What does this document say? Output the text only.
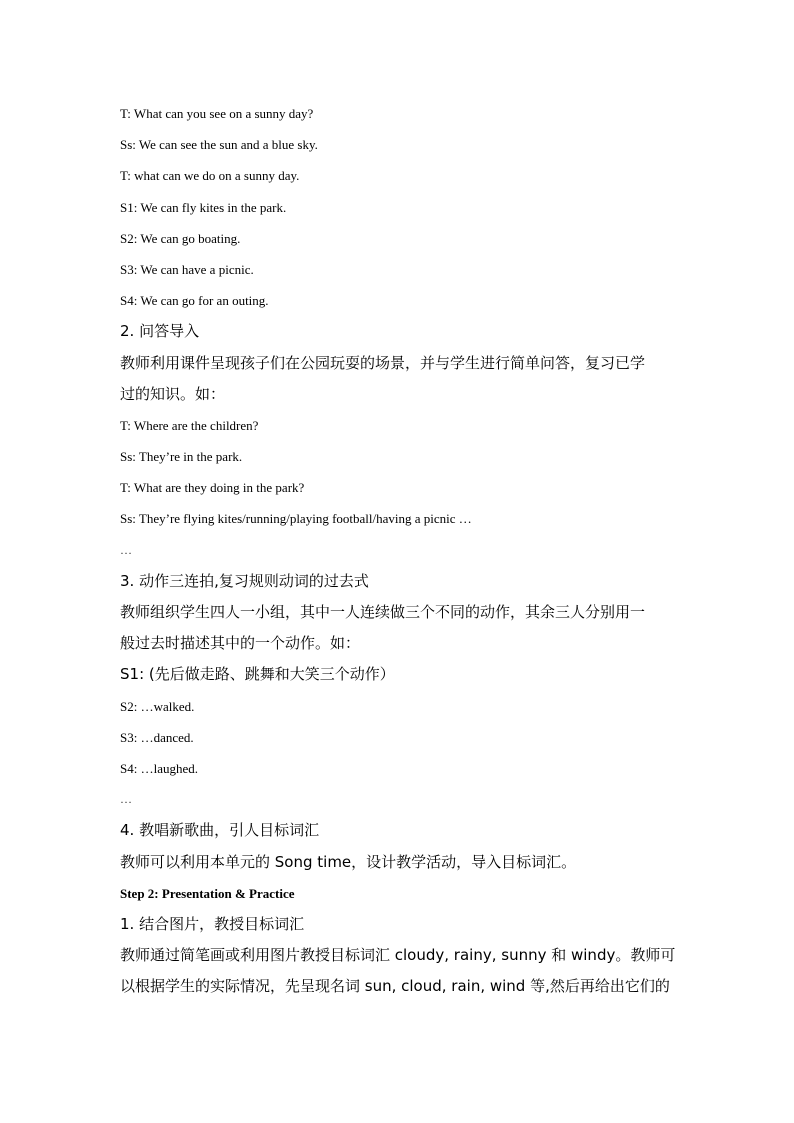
T: What can you see on a sunny day?
Ss: We can see the sun and a blue sky.
T: what can we do on a sunny day.
S1: We can fly kites in the park.
S2: We can go boating.
S3: We can have a picnic.
S4: We can go for an outing.
2. 问答导入
教师利用课件呈现孩子们在公园玩耍的场景，并与学生进行简单问答，复习已学
过的知识。如：
T: Where are the children?
Ss: They’re in the park.
T: What are they doing in the park?
Ss: They’re flying kites/running/playing football/having a picnic …
…
3. 动作三连拍,复习规则动词的过去式
教师组织学生四人一小组，其中一人连续做三个不同的动作，其余三人分别用一
般过去时描述其中的一个动作。如：
S1: (先后做走路、跳舞和大笑三个动作）
S2: …walked.
S3: …danced.
S4: …laughed.
…
4. 教唱新歌曲，引人目标词汇
教师可以利用本单元的 Song time，设计教学活动，导入目标词汇。
Step 2: Presentation & Practice
1. 结合图片，教授目标词汇
教师通过简笔画或利用图片教授目标词汇 cloudy, rainy, sunny 和 windy。教师可
以根据学生的实际情况，先呈现名词 sun, cloud, rain, wind 等,然后再给出它们的
